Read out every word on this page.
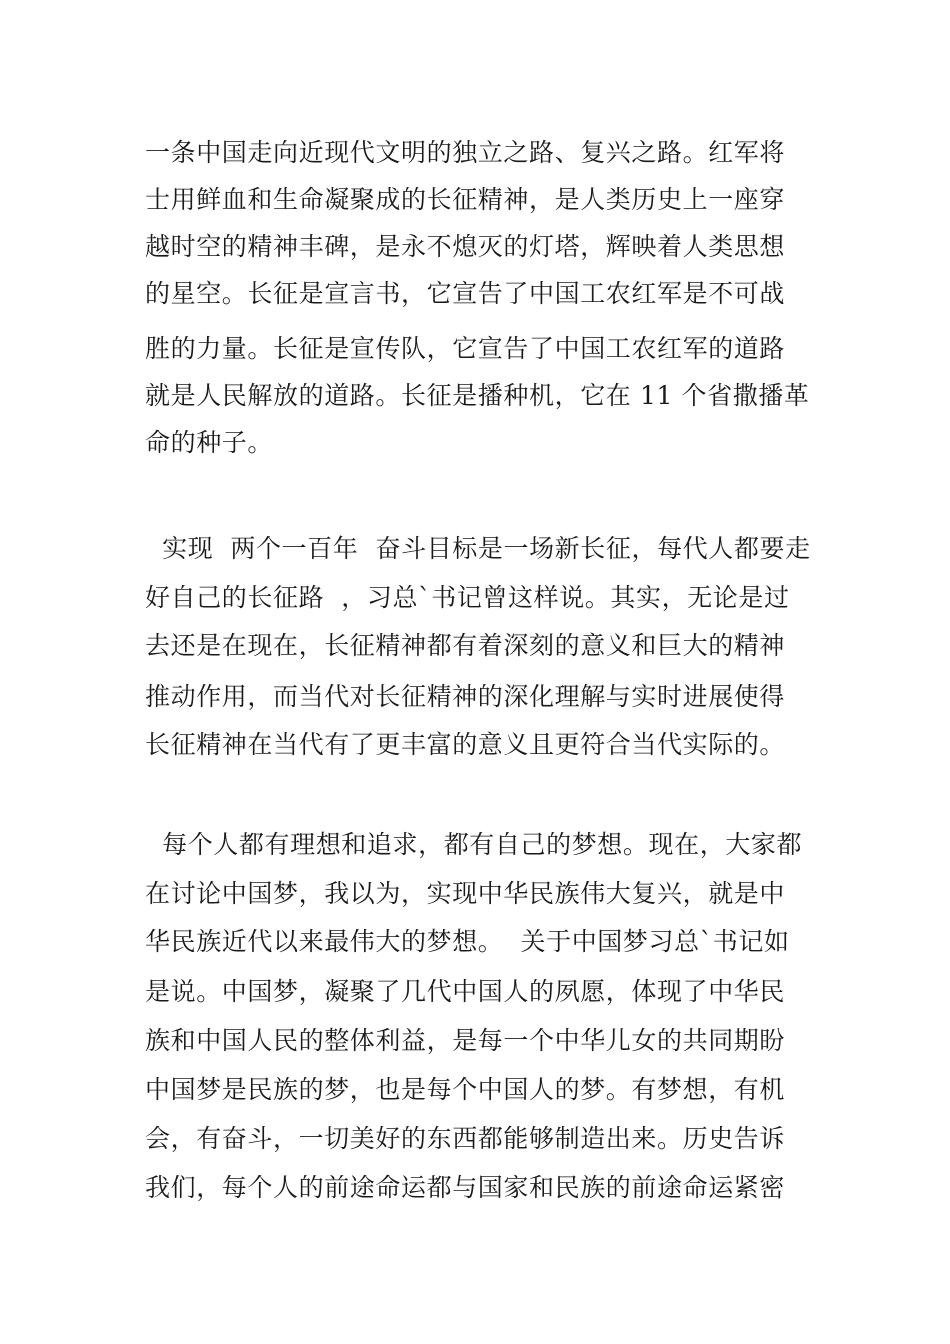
一条中国走向近现代文明的独立之路、复兴之路。红军将
士用鲜血和生命凝聚成的长征精神，是人类历史上一座穿
越时空的精神丰碑，是永不熄灭的灯塔，辉映着人类思想
的星空。长征是宣言书，它宣告了中国工农红军是不可战
胜的力量。长征是宣传队，它宣告了中国工农红军的道路
就是人民解放的道路。长征是播种机，它在 11 个省撒播革
命的种子。
实现  两个一百年  奋斗目标是一场新长征，每代人都要走
好自己的长征路  ，习总`书记曾这样说。其实，无论是过
去还是在现在，长征精神都有着深刻的意义和巨大的精神
推动作用，而当代对长征精神的深化理解与实时进展使得
长征精神在当代有了更丰富的意义且更符合当代实际的。
每个人都有理想和追求，都有自己的梦想。现在，大家都
在讨论中国梦，我以为，实现中华民族伟大复兴，就是中
华民族近代以来最伟大的梦想。  关于中国梦习总`书记如
是说。中国梦，凝聚了几代中国人的夙愿，体现了中华民
族和中国人民的整体利益，是每一个中华儿女的共同期盼
中国梦是民族的梦，也是每个中国人的梦。有梦想，有机
会，有奋斗，一切美好的东西都能够制造出来。历史告诉
我们，每个人的前途命运都与国家和民族的前途命运紧密
